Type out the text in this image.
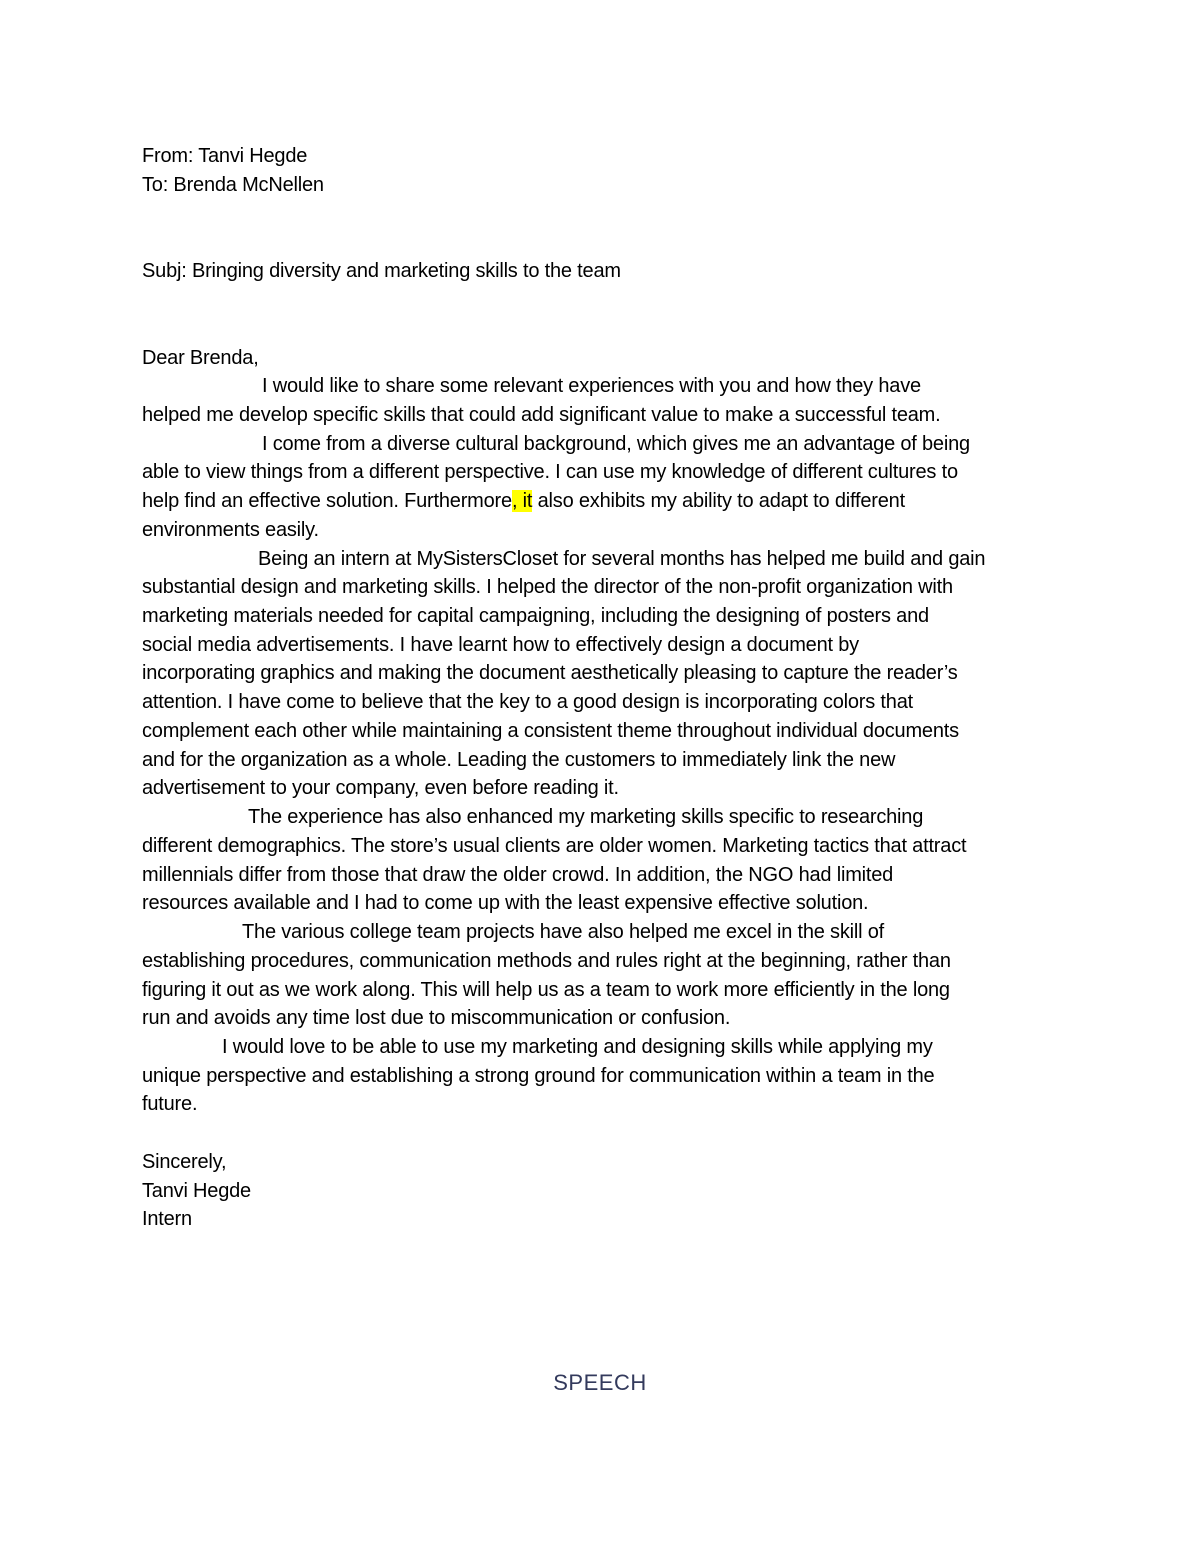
From: Tanvi Hegde

To: Brenda McNellen

Subj: Bringing diversity and marketing skills to the team

Dear Brenda,

I would like to share some relevant experiences with you and how they have

helped me develop specific skills that could add significant value to make a successful team.

I come from a diverse cultural background, which gives me an advantage of being

able to view things from a different perspective. I can use my knowledge of different cultures to

help find an effective solution. Furthermore, it also exhibits my ability to adapt to different

environments easily.

Being an intern at MySistersCloset for several months has helped me build and gain

substantial design and marketing skills. I helped the director of the non-profit organization with

marketing materials needed for capital campaigning, including the designing of posters and

social media advertisements. I have learnt how to effectively design a document by

incorporating graphics and making the document aesthetically pleasing to capture the reader’s

attention. I have come to believe that the key to a good design is incorporating colors that

complement each other while maintaining a consistent theme throughout individual documents

and for the organization as a whole. Leading the customers to immediately link the new

advertisement to your company, even before reading it.

The experience has also enhanced my marketing skills specific to researching

different demographics. The store’s usual clients are older women. Marketing tactics that attract

millennials differ from those that draw the older crowd. In addition, the NGO had limited

resources available and I had to come up with the least expensive effective solution.

The various college team projects have also helped me excel in the skill of

establishing procedures, communication methods and rules right at the beginning, rather than

figuring it out as we work along. This will help us as a team to work more efficiently in the long

run and avoids any time lost due to miscommunication or confusion.

I would love to be able to use my marketing and designing skills while applying my

unique perspective and establishing a strong ground for communication within a team in the

future.

Sincerely,

Tanvi Hegde

Intern

SPEECH
